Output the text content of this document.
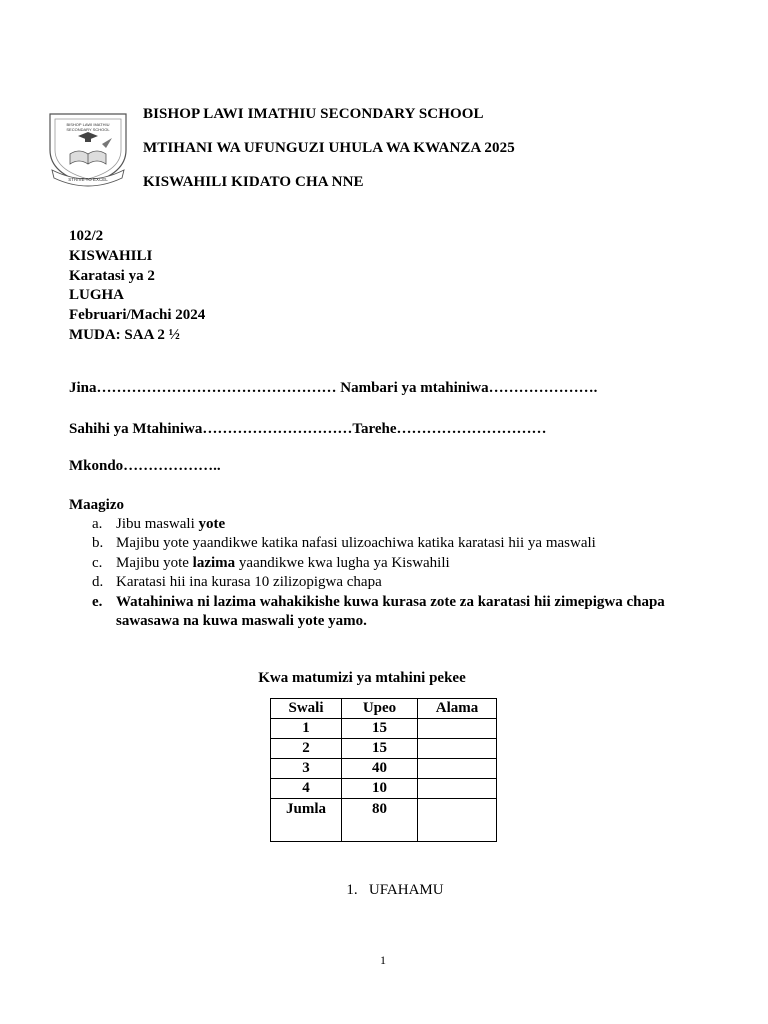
BISHOP LAWI IMATHIU
SECONDARY SCHOOL
STRIVE TO EXCEL
BISHOP LAWI IMATHIU SECONDARY SCHOOL
MTIHANI WA UFUNGUZI UHULA WA KWANZA 2025
KISWAHILI KIDATO CHA NNE
102/2
KISWAHILI
Karatasi ya 2
LUGHA
Februari/Machi 2024
MUDA: SAA 2 ½
Jina………………………………………… Nambari ya mtahiniwa………………….
Sahihi ya Mtahiniwa…………………………Tarehe…………………………
Mkondo………………..
Maagizo
a. Jibu maswali yote
b. Majibu yote yaandikwe katika nafasi ulizoachiwa katika karatasi hii ya maswali
c. Majibu yote lazima yaandikwe kwa lugha ya Kiswahili
d. Karatasi hii ina kurasa 10 zilizopigwa chapa
e. Watahiniwa ni lazima wahakikishe kuwa kurasa zote za karatasi hii zimepigwa chapa sawasawa na kuwa maswali yote yamo.
Kwa matumizi ya mtahini pekee
Swali	Upeo	Alama
1	15	
2	15	
3	40	
4	10	
Jumla	80	
1.   UFAHAMU
1
